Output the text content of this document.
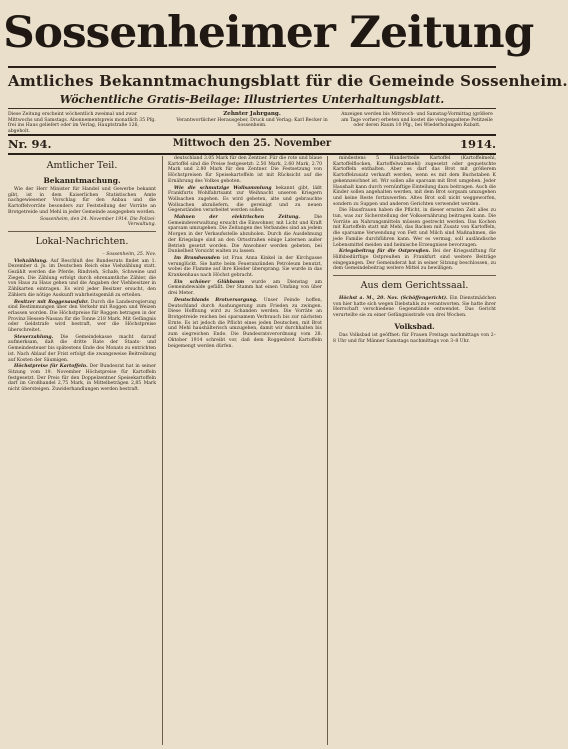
Sossenheimer Zeitung
Amtliches Bekanntmachungsblatt für die Gemeinde Sossenheim.
Wöchentliche Gratis-Beilage: Illustriertes Unterhaltungsblatt.
Diese Zeitung erscheint wöchentlich zweimal und zwar Mittwochs und Samstags. Abonnementspreis monatlich 35 Pfg. frei ins Haus geliefert oder im Verlag, Hauptstraße 126, abgeholt.
Zehnter Jahrgang.
Verantwortlicher Herausgeber, Druck und Verlag: Karl Becker in Sossenheim.
Anzeigen werden bis Mittwoch- und Samstag-Vormittag (größere am Tage vorher) erbeten und kostet die viergespaltene Petitzeile oder deren Raum 10 Pfg., bei Wiederholungen Rabatt.
Nr. 94.	Mittwoch den 25. November	1914.
Amtlicher Teil.
Bekanntmachung.

Wie der Herr Minister für Handel und Gewerbe bekannt gibt, ist in dem Kaiserlichen Statistischen Amte nachgewiesener Vorschlag für den Anbau und die Kartoffelvorräte besonders zur Feststellung der Vorräte an Brotgetreide und Mehl in jeder Gemeinde ausgegeben worden.

Sossenheim, den 24. November 1914. Die Polizei-Verwaltung.

Lokal-Nachrichten.

– Sossenheim, 25. Nov.

Viehzählung. Auf Beschluß des Bundesrats findet am 1. Dezember d. Js. im Deutschen Reich eine Viehzählung statt. Gezählt werden die Pferde, Rindvieh, Schafe, Schweine und Ziegen. Die Zählung erfolgt durch ehrenamtliche Zähler, die von Haus zu Haus gehen und die Angaben der Viehbesitzer in Zählkarten eintragen. Es wird jeder Besitzer ersucht, den Zählern die nötige Auskunft wahrheitsgemäß zu erteilen.

Besitzer mit Roggenausfuhr. Durch die Landesregierung sind Bestimmungen über den Verkehr mit Roggen und Weizen erlassen worden. Die Höchstpreise für Roggen betragen in der Provinz Hessen-Nassau für die Tonne 218 Mark. Mit Gefängnis oder Geldstrafe wird bestraft, wer die Höchstpreise überschreitet.

Steuerzahlung. Die Gemeindekasse macht darauf aufmerksam, daß die dritte Rate der Staats- und Gemeindesteuer bis spätestens Ende des Monats zu entrichten ist. Nach Ablauf der Frist erfolgt die zwangsweise Beitreibung auf Kosten der Säumigen.

Höchstpreise für Kartoffeln. Der Bundesrat hat in seiner Sitzung vom 19. November Höchstpreise für Kartoffeln festgesetzt. Der Preis für den Doppelzentner Speisekartoffeln darf im Großhandel 2,75 Mark, in Mittelbeträgen 2,85 Mark nicht übersteigen. Zuwiderhandlungen werden bestraft.

deutschland 3.05 Mark für den Zentner. Für die rote und blaue Kartoffel sind die Preise festgesetzt: 2.50 Mark, 2.60 Mark, 2.70 Mark und 2.80 Mark für den Zentner. Die Festsetzung von Höchstpreisen für Speisekartoffeln ist mit Rücksicht auf die Ernährung des Volkes geboten.

Wie die schmutzige Wollsammlung bekannt gibt, läßt Frankfurts Wohlfahrtsamt zur Weihnacht unseren Kriegern Wollsachen zugehen. Es wird gebeten, alte und gebrauchte Wollsachen abzuliefern, die gereinigt und zu neuen Gegenständen verarbeitet werden sollen.

Mahnen der elektrischen Zeitung.	Die Gemeindeverwaltung ersucht die Einwohner, mit Licht und Kraft sparsam umzugehen. Die Zeitungen des Verbandes sind an jedem Morgen in der Verkaufsstelle abzuholen. Durch die Ausdehnung der Kriegslage sind an den Ortsstraßen einige Laternen außer Betrieb gesetzt worden. Die Anwohner werden gebeten, bei Dunkelheit Vorsicht walten zu lassen.

Im Brandwunden ist Frau Anna Kinkel in der Kirchgasse verunglückt. Sie hatte beim Feueranzünden Petroleum benutzt, wobei die Flamme auf ihre Kleider übersprang. Sie wurde in das Krankenhaus nach Höchst gebracht.

Ein schöner Glühbaum wurde am Dienstag am Gemeindewalde gefällt. Der Stamm hat einen Umfang von über drei Meter.

Deutschlands Brotversorgung. Unser Feinde hoffen, Deutschland durch Aushungerung zum Frieden zu zwingen. Diese Hoffnung wird zu Schanden werden. Die Vorräte an Brotgetreide reichen bei sparsamem Verbrauch bis zur nächsten Ernte. Es ist jedoch die Pflicht eines jeden Deutschen, mit Brot und Mehl haushälterisch umzugehen, damit wir durchhalten bis zum siegreichen Ende. Die Bundesratsverordnung vom 28. Oktober 1914 schreibt vor, daß dem Roggenbrot Kartoffeln beigemengt werden dürfen.

mindestens 5 Hundertteile Kartoffel (Kartoffelmehl, Kartoffelflocken, Kartoffelwalzmehl) zugesetzt oder gequetschte Kartoffeln enthalten. Aber es darf das Brot mit größerem Kartoffelzusatz verkauft werden, wenn es mit dem Buchstaben K gekennzeichnet ist. Wir sollen alle sparsam mit Brot umgehen. Jeder Haushalt kann durch vernünftige Einteilung dazu beitragen. Auch die Kinder sollen angehalten werden, mit dem Brot sorgsam umzugehen und keine Reste fortzuwerfen. Altes Brot soll nicht weggeworfen, sondern zu Suppen und anderen Gerichten verwendet werden.

Die Hausfrauen haben die Pflicht, in dieser ernsten Zeit alles zu tun, was zur Sicherstellung der Volksernährung beitragen kann. Die Vorräte an Nahrungsmitteln müssen gestreckt werden. Das Kochen mit Kartoffeln statt mit Mehl, das Backen mit Zusatz von Kartoffeln, die sparsame Verwendung von Fett und Milch sind Maßnahmen, die jede Familie durchführen kann. Wer es vermag, soll ausländische Lebensmittel meiden und heimische Erzeugnisse bevorzugen.

Kriegsbeitrag für die Ostpreußen. Bei der Kriegsstiftung für Hilfsbedürftige Ostpreußen in Frankfurt sind weitere Beiträge eingegangen. Der Gemeinderat hat in seiner Sitzung beschlossen, zu dem Gemeindebeitrag weitere Mittel zu bewilligen.

Aus dem Gerichtssaal.

Höchst a. M., 20. Nov. (Schöffengericht). Ein Dienstmädchen von hier hatte sich wegen Diebstahls zu verantworten. Sie hatte ihrer Herrschaft verschiedene Gegenstände entwendet. Das Gericht verurteilte sie zu einer Gefängnisstrafe von drei Wochen.

Volksbad.

Das Volksbad ist geöffnet: für Frauen Freitags nachmittags von 2–8 Uhr und für Männer Samstags nachmittags von 3–8 Uhr.
